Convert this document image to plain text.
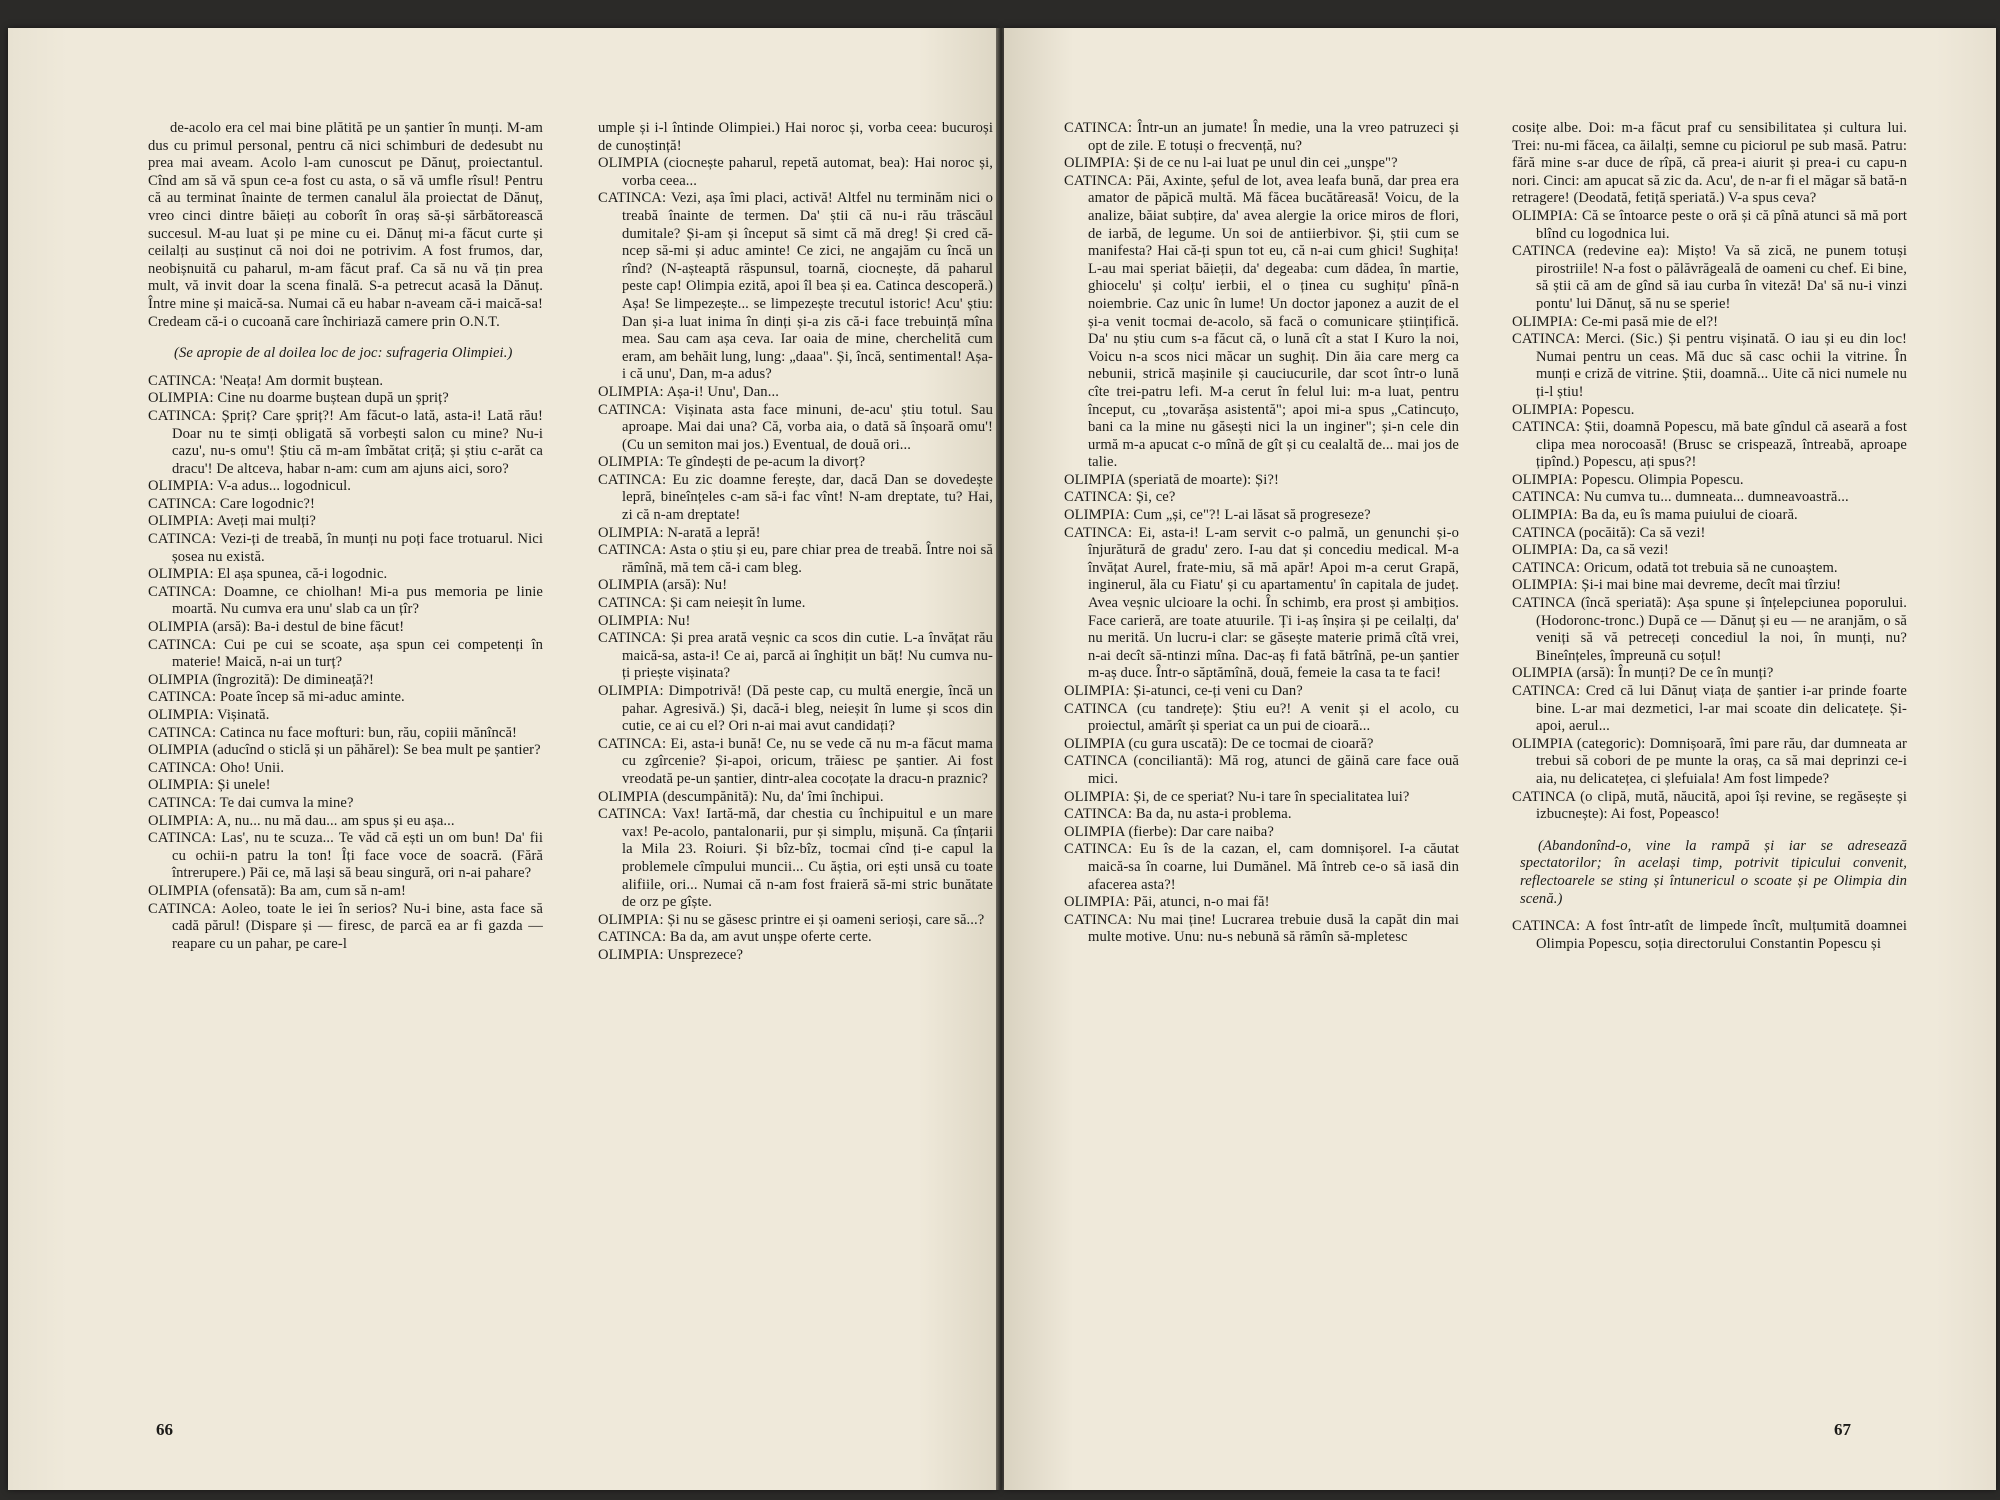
de-acolo era cel mai bine plătită pe un șantier în munți. M-am dus cu primul personal, pentru că nici schimburi de dedesubt nu prea mai aveam. Acolo l-am cunoscut pe Dănuț, proiectantul. Cînd am să vă spun ce-a fost cu asta, o să vă umfle rîsul! Pentru că au terminat înainte de termen canalul ăla proiectat de Dănuț, vreo cinci dintre băieți au coborît în oraș să-și sărbătorească succesul. M-au luat și pe mine cu ei. Dănuț mi-a făcut curte și ceilalți au susținut că noi doi ne potrivim. A fost frumos, dar, neobișnuită cu paharul, m-am făcut praf. Ca să nu vă țin prea mult, vă invit doar la scena finală. S-a petrecut acasă la Dănuț. Între mine și maică-sa. Numai că eu habar n-aveam că-i maică-sa! Credeam că-i o cucoană care închiriază camere prin O.N.T.

(Se apropie de al doilea loc de joc: sufrageria Olimpiei.)

CATINCA: 'Neața! Am dormit buștean.

OLIMPIA: Cine nu doarme buștean după un șpriț?

CATINCA: Șpriț? Care șpriț?! Am făcut-o lată, asta-i! Lată rău! Doar nu te simți obligată să vorbești salon cu mine? Nu-i cazu', nu-s omu'! Știu că m-am îmbătat criță; și știu c-arăt ca dracu'! De altceva, habar n-am: cum am ajuns aici, soro?

OLIMPIA: V-a adus... logodnicul.

CATINCA: Care logodnic?!

OLIMPIA: Aveți mai mulți?

CATINCA: Vezi-ți de treabă, în munți nu poți face trotuarul. Nici șosea nu există.

OLIMPIA: El așa spunea, că-i logodnic.

CATINCA: Doamne, ce chiolhan! Mi-a pus memoria pe linie moartă. Nu cumva era unu' slab ca un țîr?

OLIMPIA (arsă): Ba-i destul de bine făcut!

CATINCA: Cui pe cui se scoate, așa spun cei competenți în materie! Maică, n-ai un turț?

OLIMPIA (îngrozită): De dimineață?!

CATINCA: Poate încep să mi-aduc aminte.

OLIMPIA: Vișinată.

CATINCA: Catinca nu face mofturi: bun, rău, copiii mănîncă!

OLIMPIA (aducînd o sticlă și un păhărel): Se bea mult pe șantier?

CATINCA: Oho! Unii.

OLIMPIA: Și unele!

CATINCA: Te dai cumva la mine?

OLIMPIA: A, nu... nu mă dau... am spus și eu așa...

CATINCA: Las', nu te scuza... Te văd că ești un om bun! Da' fii cu ochii-n patru la ton! Îți face voce de soacră. (Fără întrerupere.) Păi ce, mă lași să beau singură, ori n-ai pahare?

OLIMPIA (ofensată): Ba am, cum să n-am!

CATINCA: Aoleo, toate le iei în serios? Nu-i bine, asta face să cadă părul! (Dispare și — firesc, de parcă ea ar fi gazda — reapare cu un pahar, pe care-l

umple și i-l întinde Olimpiei.) Hai noroc și, vorba ceea: bucuroși de cunoștință!

OLIMPIA (ciocnește paharul, repetă automat, bea): Hai noroc și, vorba ceea...

CATINCA: Vezi, așa îmi placi, activă! Altfel nu terminăm nici o treabă înainte de termen. Da' știi că nu-i rău trăscăul dumitale? Și-am și început să simt că mă dreg! Și cred că-ncep să-mi și aduc aminte! Ce zici, ne angajăm cu încă un rînd? (N-așteaptă răspunsul, toarnă, ciocnește, dă paharul peste cap! Olimpia ezită, apoi îl bea și ea. Catinca descoperă.) Așa! Se limpezește... se limpezește trecutul istoric! Acu' știu: Dan și-a luat inima în dinți și-a zis că-i face trebuință mîna mea. Sau cam așa ceva. Iar oaia de mine, cherchelită cum eram, am behăit lung, lung: „daaa". Și, încă, sentimental! Așa-i că unu', Dan, m-a adus?

OLIMPIA: Așa-i! Unu', Dan...

CATINCA: Vișinata asta face minuni, de-acu' știu totul. Sau aproape. Mai dai una? Că, vorba aia, o dată să înșoară omu'! (Cu un semiton mai jos.) Eventual, de două ori...

OLIMPIA: Te gîndești de pe-acum la divorț?

CATINCA: Eu zic doamne ferește, dar, dacă Dan se dovedește lepră, bineînțeles c-am să-i fac vînt! N-am dreptate, tu? Hai, zi că n-am dreptate!

OLIMPIA: N-arată a lepră!

CATINCA: Asta o știu și eu, pare chiar prea de treabă. Între noi să rămînă, mă tem că-i cam bleg.

OLIMPIA (arsă): Nu!

CATINCA: Și cam neieșit în lume.

OLIMPIA: Nu!

CATINCA: Și prea arată veșnic ca scos din cutie. L-a învățat rău maică-sa, asta-i! Ce ai, parcă ai înghițit un băț! Nu cumva nu-ți priește vișinata?

OLIMPIA: Dimpotrivă! (Dă peste cap, cu multă energie, încă un pahar. Agresivă.) Și, dacă-i bleg, neieșit în lume și scos din cutie, ce ai cu el? Ori n-ai mai avut candidați?

CATINCA: Ei, asta-i bună! Ce, nu se vede că nu m-a făcut mama cu zgîrcenie? Și-apoi, oricum, trăiesc pe șantier. Ai fost vreodată pe-un șantier, dintr-alea cocoțate la dracu-n praznic?

OLIMPIA (descumpănită): Nu, da' îmi închipui.

CATINCA: Vax! Iartă-mă, dar chestia cu închipuitul e un mare vax! Pe-acolo, pantalonarii, pur și simplu, mișună. Ca țînțarii la Mila 23. Roiuri. Și bîz-bîz, tocmai cînd ți-e capul la problemele cîmpului muncii... Cu ăștia, ori ești unsă cu toate alifiile, ori... Numai că n-am fost fraieră să-mi stric bunătate de orz pe gîște.

OLIMPIA: Și nu se găsesc printre ei și oameni serioși, care să...?

CATINCA: Ba da, am avut unșpe oferte certe.

OLIMPIA: Unsprezece?

66

CATINCA: Într-un an jumate! În medie, una la vreo patruzeci și opt de zile. E totuși o frecvență, nu?

OLIMPIA: Și de ce nu l-ai luat pe unul din cei „unșpe"?

CATINCA: Păi, Axinte, șeful de lot, avea leafa bună, dar prea era amator de păpică multă. Mă făcea bucătăreasă! Voicu, de la analize, băiat subțire, da' avea alergie la orice miros de flori, de iarbă, de legume. Un soi de antiierbivor. Și, știi cum se manifesta? Hai că-ți spun tot eu, că n-ai cum ghici! Sughița! L-au mai speriat băieții, da' degeaba: cum dădea, în martie, ghiocelu' și colțu' ierbii, el o ținea cu sughițu' pînă-n noiembrie. Caz unic în lume! Un doctor japonez a auzit de el și-a venit tocmai de-acolo, să facă o comunicare științifică. Da' nu știu cum s-a făcut că, o lună cît a stat I Kuro la noi, Voicu n-a scos nici măcar un sughiț. Din ăia care merg ca nebunii, strică mașinile și cauciucurile, dar scot într-o lună cîte trei-patru lefi. M-a cerut în felul lui: m-a luat, pentru început, cu „tovarășa asistentă"; apoi mi-a spus „Catincuțo, bani ca la mine nu găsești nici la un inginer"; și-n cele din urmă m-a apucat c-o mînă de gît și cu cealaltă de... mai jos de talie.

OLIMPIA (speriată de moarte): Și?!

CATINCA: Și, ce?

OLIMPIA: Cum „și, ce"?! L-ai lăsat să progreseze?

CATINCA: Ei, asta-i! L-am servit c-o palmă, un genunchi și-o înjurătură de gradu' zero. I-au dat și concediu medical. M-a învățat Aurel, frate-miu, să mă apăr! Apoi m-a cerut Grapă, inginerul, ăla cu Fiatu' și cu apartamentu' în capitala de județ. Avea veșnic ulcioare la ochi. În schimb, era prost și ambițios. Face carieră, are toate atuurile. Ți i-aș înșira și pe ceilalți, da' nu merită. Un lucru-i clar: se găsește materie primă cîtă vrei, n-ai decît să-ntinzi mîna. Dac-aș fi fată bătrînă, pe-un șantier m-aș duce. Într-o săptămînă, două, femeie la casa ta te faci!

OLIMPIA: Și-atunci, ce-ți veni cu Dan?

CATINCA (cu tandrețe): Știu eu?! A venit și el acolo, cu proiectul, amărît și speriat ca un pui de cioară...

OLIMPIA (cu gura uscată): De ce tocmai de cioară?

CATINCA (conciliantă): Mă rog, atunci de găină care face ouă mici.

OLIMPIA: Și, de ce speriat? Nu-i tare în specialitatea lui?

CATINCA: Ba da, nu asta-i problema.

OLIMPIA (fierbe): Dar care naiba?

CATINCA: Eu îs de la cazan, el, cam domnișorel. I-a căutat maică-sa în coarne, lui Dumănel. Mă întreb ce-o să iasă din afacerea asta?!

OLIMPIA: Păi, atunci, n-o mai fă!

CATINCA: Nu mai ține! Lucrarea trebuie dusă la capăt din mai multe motive. Unu: nu-s nebună să rămîn să-mpletesc

cosițe albe. Doi: m-a făcut praf cu sensibilitatea și cultura lui. Trei: nu-mi făcea, ca ăilalți, semne cu piciorul pe sub masă. Patru: fără mine s-ar duce de rîpă, că prea-i aiurit și prea-i cu capu-n nori. Cinci: am apucat să zic da. Acu', de n-ar fi el măgar să bată-n retragere! (Deodată, fetiță speriată.) V-a spus ceva?

OLIMPIA: Că se întoarce peste o oră și că pînă atunci să mă port blînd cu logodnica lui.

CATINCA (redevine ea): Mișto! Va să zică, ne punem totuși pirostriile! N-a fost o pălăvrăgeală de oameni cu chef. Ei bine, să știi că am de gînd să iau curba în viteză! Da' să nu-i vinzi pontu' lui Dănuț, să nu se sperie!

OLIMPIA: Ce-mi pasă mie de el?!

CATINCA: Merci. (Sic.) Și pentru vișinată. O iau și eu din loc! Numai pentru un ceas. Mă duc să casc ochii la vitrine. În munți e criză de vitrine. Știi, doamnă... Uite că nici numele nu ți-l știu!

OLIMPIA: Popescu.

CATINCA: Știi, doamnă Popescu, mă bate gîndul că aseară a fost clipa mea norocoasă! (Brusc se crispează, întreabă, aproape țipînd.) Popescu, ați spus?!

OLIMPIA: Popescu. Olimpia Popescu.

CATINCA: Nu cumva tu... dumneata... dumneavoastră...

OLIMPIA: Ba da, eu îs mama puiului de cioară.

CATINCA (pocăită): Ca să vezi!

OLIMPIA: Da, ca să vezi!

CATINCA: Oricum, odată tot trebuia să ne cunoaștem.

OLIMPIA: Și-i mai bine mai devreme, decît mai tîrziu!

CATINCA (încă speriată): Așa spune și înțelepciunea poporului. (Hodoronc-tronc.) După ce — Dănuț și eu — ne aranjăm, o să veniți să vă petreceți concediul la noi, în munți, nu? Bineînțeles, împreună cu soțul!

OLIMPIA (arsă): În munți? De ce în munți?

CATINCA: Cred că lui Dănuț viața de șantier i-ar prinde foarte bine. L-ar mai dezmetici, l-ar mai scoate din delicatețe. Și-apoi, aerul...

OLIMPIA (categoric): Domnișoară, îmi pare rău, dar dumneata ar trebui să cobori de pe munte la oraș, ca să mai deprinzi ce-i aia, nu delicatețea, ci șlefuiala! Am fost limpede?

CATINCA (o clipă, mută, năucită, apoi își revine, se regăsește și izbucnește): Ai fost, Popeasco!

(Abandonînd-o, vine la rampă și iar se adresează spectatorilor; în același timp, potrivit tipicului convenit, reflectoarele se sting și întunericul o scoate și pe Olimpia din scenă.)

CATINCA: A fost într-atît de limpede încît, mulțumită doamnei Olimpia Popescu, soția directorului Constantin Popescu și

67
